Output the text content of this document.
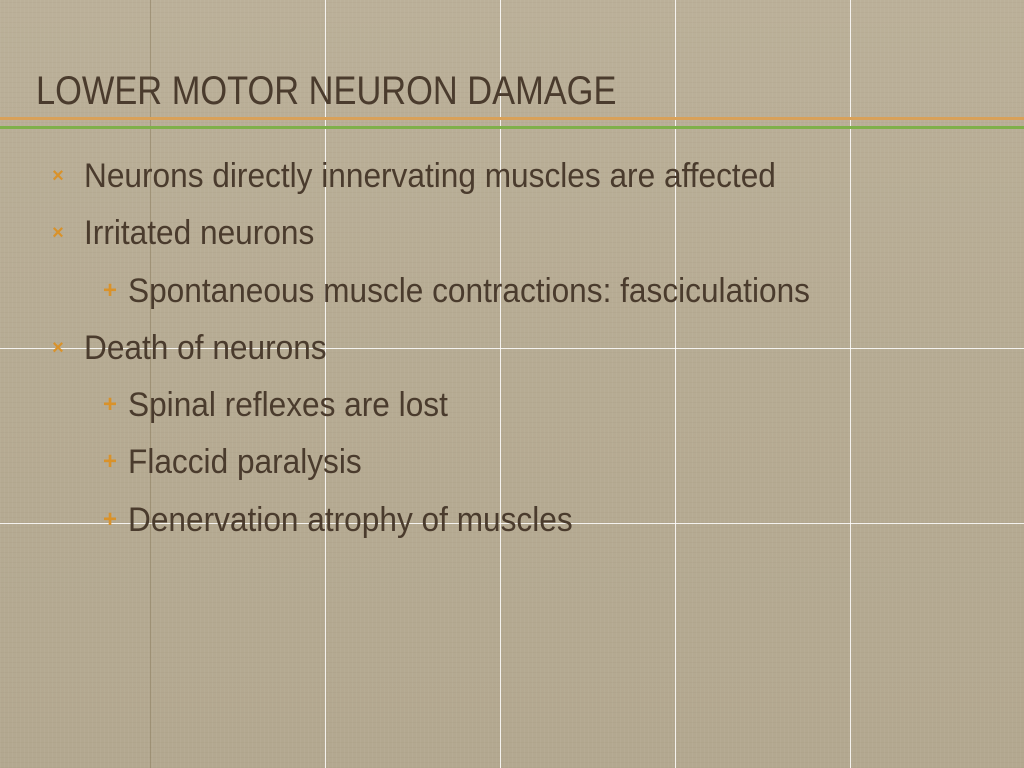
LOWER MOTOR NEURON DAMAGE
× Neurons directly innervating muscles are affected
× Irritated neurons
+ Spontaneous muscle contractions: fasciculations
× Death of neurons
+ Spinal reflexes are lost
+ Flaccid paralysis
+ Denervation atrophy of muscles
